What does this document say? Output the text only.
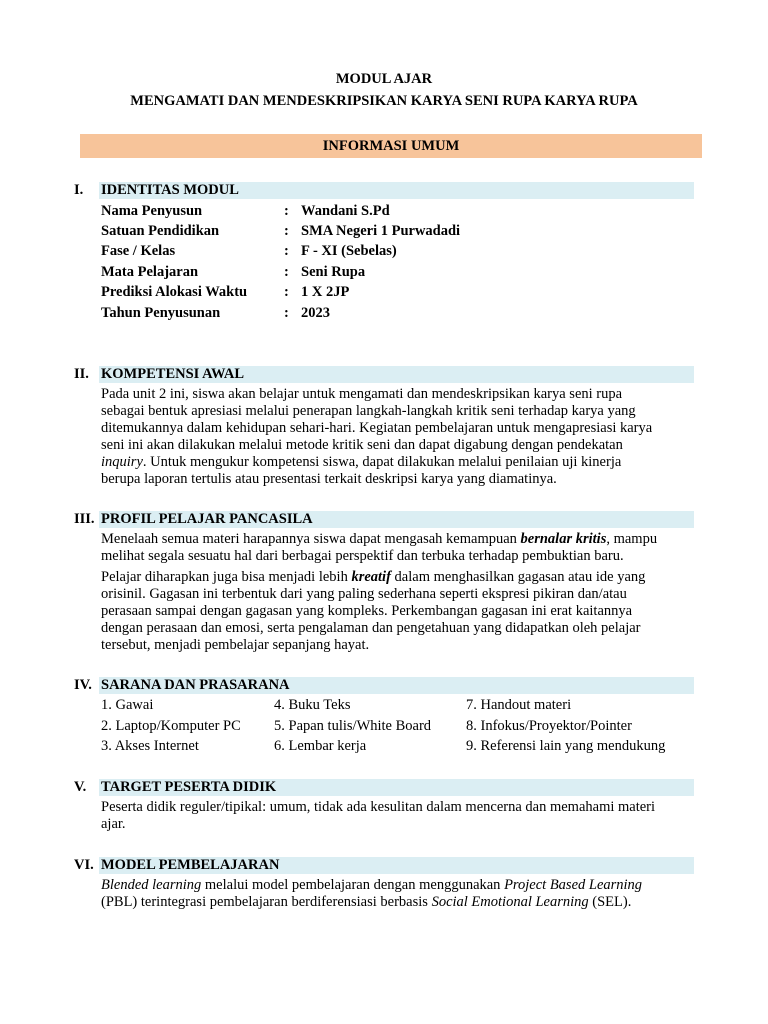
MODUL AJAR
MENGAMATI DAN MENDESKRIPSIKAN KARYA SENI RUPA KARYA RUPA
INFORMASI UMUM
I. IDENTITAS MODUL
Nama Penyusun	: Wandani S.Pd
Satuan Pendidikan	: SMA Negeri 1 Purwadadi
Fase / Kelas	: F - XI (Sebelas)
Mata Pelajaran	: Seni Rupa
Prediksi Alokasi Waktu	: 1 X 2JP
Tahun Penyusunan	: 2023
II. KOMPETENSI AWAL
Pada unit 2 ini, siswa akan belajar untuk mengamati dan mendeskripsikan karya seni rupa
sebagai bentuk apresiasi melalui penerapan langkah-langkah kritik seni terhadap karya yang
ditemukannya dalam kehidupan sehari-hari. Kegiatan pembelajaran untuk mengapresiasi karya
seni ini akan dilakukan melalui metode kritik seni dan dapat digabung dengan pendekatan
inquiry. Untuk mengukur kompetensi siswa, dapat dilakukan melalui penilaian uji kinerja
berupa laporan tertulis atau presentasi terkait deskripsi karya yang diamatinya.
III. PROFIL PELAJAR PANCASILA
Menelaah semua materi harapannya siswa dapat mengasah kemampuan bernalar kritis, mampu
melihat segala sesuatu hal dari berbagai perspektif dan terbuka terhadap pembuktian baru.
Pelajar diharapkan juga bisa menjadi lebih kreatif dalam menghasilkan gagasan atau ide yang
orisinil. Gagasan ini terbentuk dari yang paling sederhana seperti ekspresi pikiran dan/atau
perasaan sampai dengan gagasan yang kompleks. Perkembangan gagasan ini erat kaitannya
dengan perasaan dan emosi, serta pengalaman dan pengetahuan yang didapatkan oleh pelajar
tersebut, menjadi pembelajar sepanjang hayat.
IV. SARANA DAN PRASARANA
1. Gawai	4. Buku Teks	7. Handout materi
2. Laptop/Komputer PC 5. Papan tulis/White Board 8. Infokus/Proyektor/Pointer
3. Akses Internet	6. Lembar kerja	9. Referensi lain yang mendukung
V. TARGET PESERTA DIDIK
Peserta didik reguler/tipikal: umum, tidak ada kesulitan dalam mencerna dan memahami materi
ajar.
VI. MODEL PEMBELAJARAN
Blended learning melalui model pembelajaran dengan menggunakan Project Based Learning
(PBL) terintegrasi pembelajaran berdiferensiasi berbasis Social Emotional Learning (SEL).
